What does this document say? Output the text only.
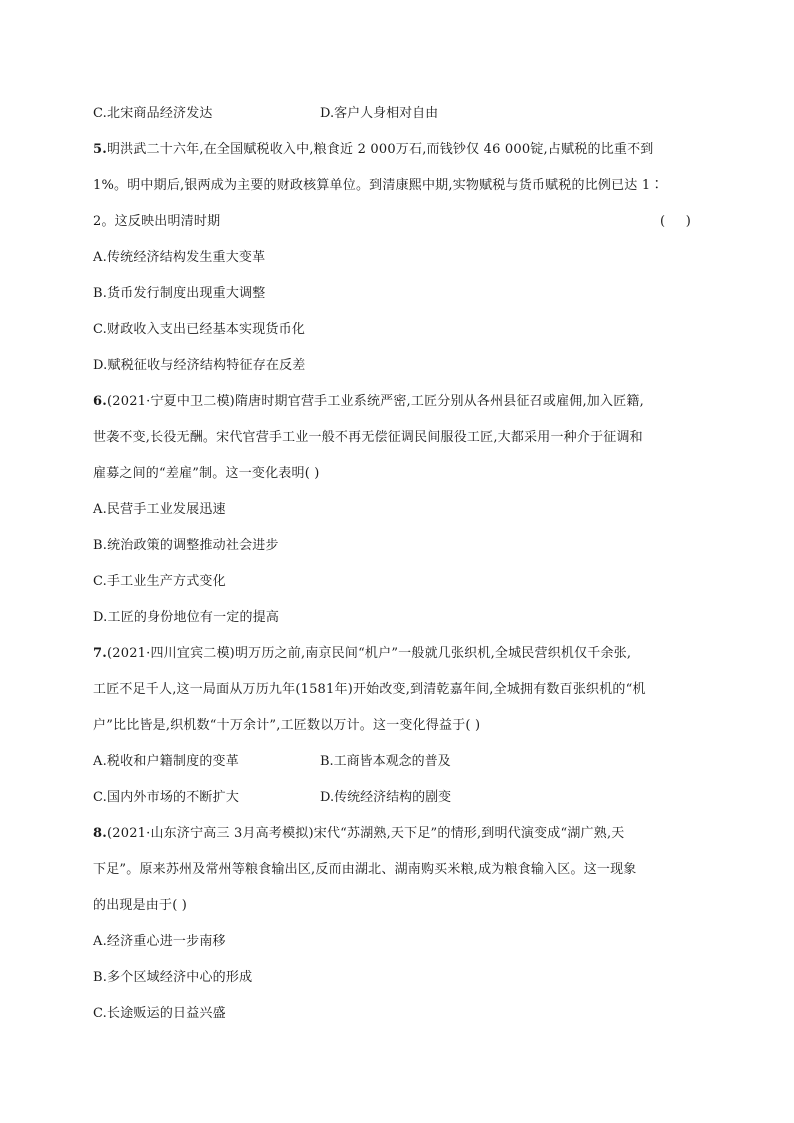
C.北宋商品经济发达	D.客户人身相对自由
5.明洪武二十六年,在全国赋税收入中,粮食近 2 000万石,而钱钞仅 46 000锭,占赋税的比重不到
1%。明中期后,银两成为主要的财政核算单位。到清康熙中期,实物赋税与货币赋税的比例已达 1∶
2。这反映出明清时期	(     )
A.传统经济结构发生重大变革
B.货币发行制度出现重大调整
C.财政收入支出已经基本实现货币化
D.赋税征收与经济结构特征存在反差
6.(2021·宁夏中卫二模)隋唐时期官营手工业系统严密,工匠分别从各州县征召或雇佣,加入匠籍,
世袭不变,长役无酬。宋代官营手工业一般不再无偿征调民间服役工匠,大都采用一种介于征调和
雇募之间的“差雇”制。这一变化表明( )
A.民营手工业发展迅速
B.统治政策的调整推动社会进步
C.手工业生产方式变化
D.工匠的身份地位有一定的提高
7.(2021·四川宜宾二模)明万历之前,南京民间“机户”一般就几张织机,全城民营织机仅千余张,
工匠不足千人,这一局面从万历九年(1581年)开始改变,到清乾嘉年间,全城拥有数百张织机的“机
户”比比皆是,织机数“十万余计”,工匠数以万计。这一变化得益于( )
A.税收和户籍制度的变革	B.工商皆本观念的普及
C.国内外市场的不断扩大	D.传统经济结构的剧变
8.(2021·山东济宁高三 3月高考模拟)宋代“苏湖熟,天下足”的情形,到明代演变成“湖广熟,天
下足”。原来苏州及常州等粮食输出区,反而由湖北、湖南购买米粮,成为粮食输入区。这一现象
的出现是由于( )
A.经济重心进一步南移
B.多个区域经济中心的形成
C.长途贩运的日益兴盛
